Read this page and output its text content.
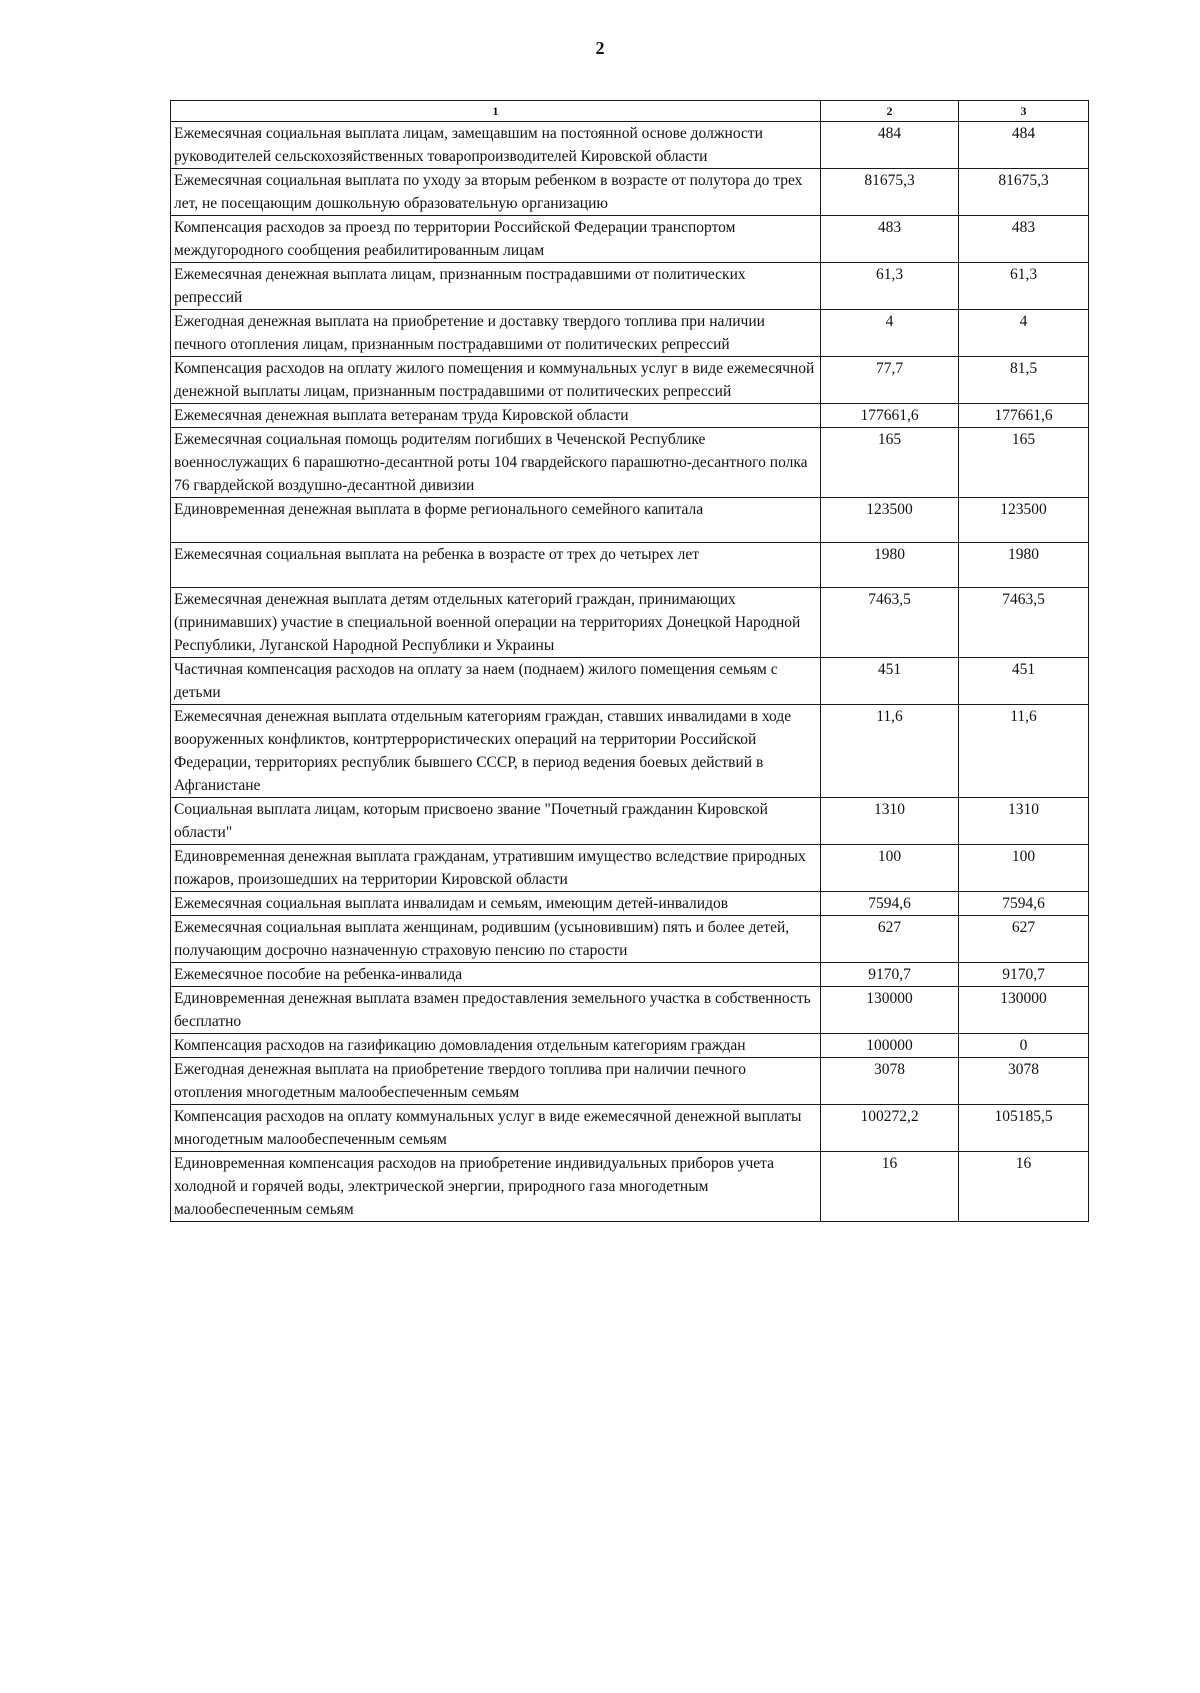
2
1	2	3
Ежемесячная социальная выплата лицам, замещавшим на постоянной основе должности руководителей сельскохозяйственных товаропроизводителей Кировской области	484	484
Ежемесячная социальная выплата по уходу за вторым ребенком в возрасте от полутора до трех лет, не посещающим дошкольную образовательную организацию	81675,3	81675,3
Компенсация расходов за проезд по территории Российской Федерации транспортом междугородного сообщения реабилитированным лицам	483	483
Ежемесячная денежная выплата лицам, признанным пострадавшими от политических репрессий	61,3	61,3
Ежегодная денежная выплата на приобретение и доставку твердого топлива при наличии печного отопления лицам, признанным пострадавшими от политических репрессий	4	4
Компенсация расходов на оплату жилого помещения и коммунальных услуг в виде ежемесячной денежной выплаты лицам, признанным пострадавшими от политических репрессий	77,7	81,5
Ежемесячная денежная выплата ветеранам труда Кировской области	177661,6	177661,6
Ежемесячная социальная помощь родителям погибших в Чеченской Республике военнослужащих 6 парашютно-десантной роты 104 гвардейского парашютно-десантного полка 76 гвардейской воздушно-десантной дивизии	165	165
Единовременная денежная выплата в форме регионального семейного капитала	123500	123500
Ежемесячная социальная выплата на ребенка в возрасте от трех до четырех лет	1980	1980
Ежемесячная денежная выплата детям отдельных категорий граждан, принимающих (принимавших) участие в специальной военной операции на территориях Донецкой Народной Республики, Луганской Народной Республики и Украины	7463,5	7463,5
Частичная компенсация расходов на оплату за наем (поднаем) жилого помещения семьям с детьми	451	451
Ежемесячная денежная выплата отдельным категориям граждан, ставших инвалидами в ходе вооруженных конфликтов, контртеррористических операций на территории Российской Федерации, территориях республик бывшего СССР, в период ведения боевых действий в Афганистане	11,6	11,6
Социальная выплата лицам, которым присвоено звание "Почетный гражданин Кировской области"	1310	1310
Единовременная денежная выплата гражданам, утратившим имущество вследствие природных пожаров, произошедших на территории Кировской области	100	100
Ежемесячная социальная выплата инвалидам и семьям, имеющим детей-инвалидов	7594,6	7594,6
Ежемесячная социальная выплата женщинам, родившим (усыновившим) пять и более детей, получающим досрочно назначенную страховую пенсию по старости	627	627
Ежемесячное пособие на ребенка-инвалида	9170,7	9170,7
Единовременная денежная выплата взамен предоставления земельного участка в собственность бесплатно	130000	130000
Компенсация расходов на газификацию домовладения отдельным категориям граждан	100000	0
Ежегодная денежная выплата на приобретение твердого топлива при наличии печного отопления многодетным малообеспеченным семьям	3078	3078
Компенсация расходов на оплату коммунальных услуг в виде ежемесячной денежной выплаты многодетным малообеспеченным семьям	100272,2	105185,5
Единовременная компенсация расходов на приобретение индивидуальных приборов учета холодной и горячей воды, электрической энергии, природного газа многодетным малообеспеченным семьям	16	16
